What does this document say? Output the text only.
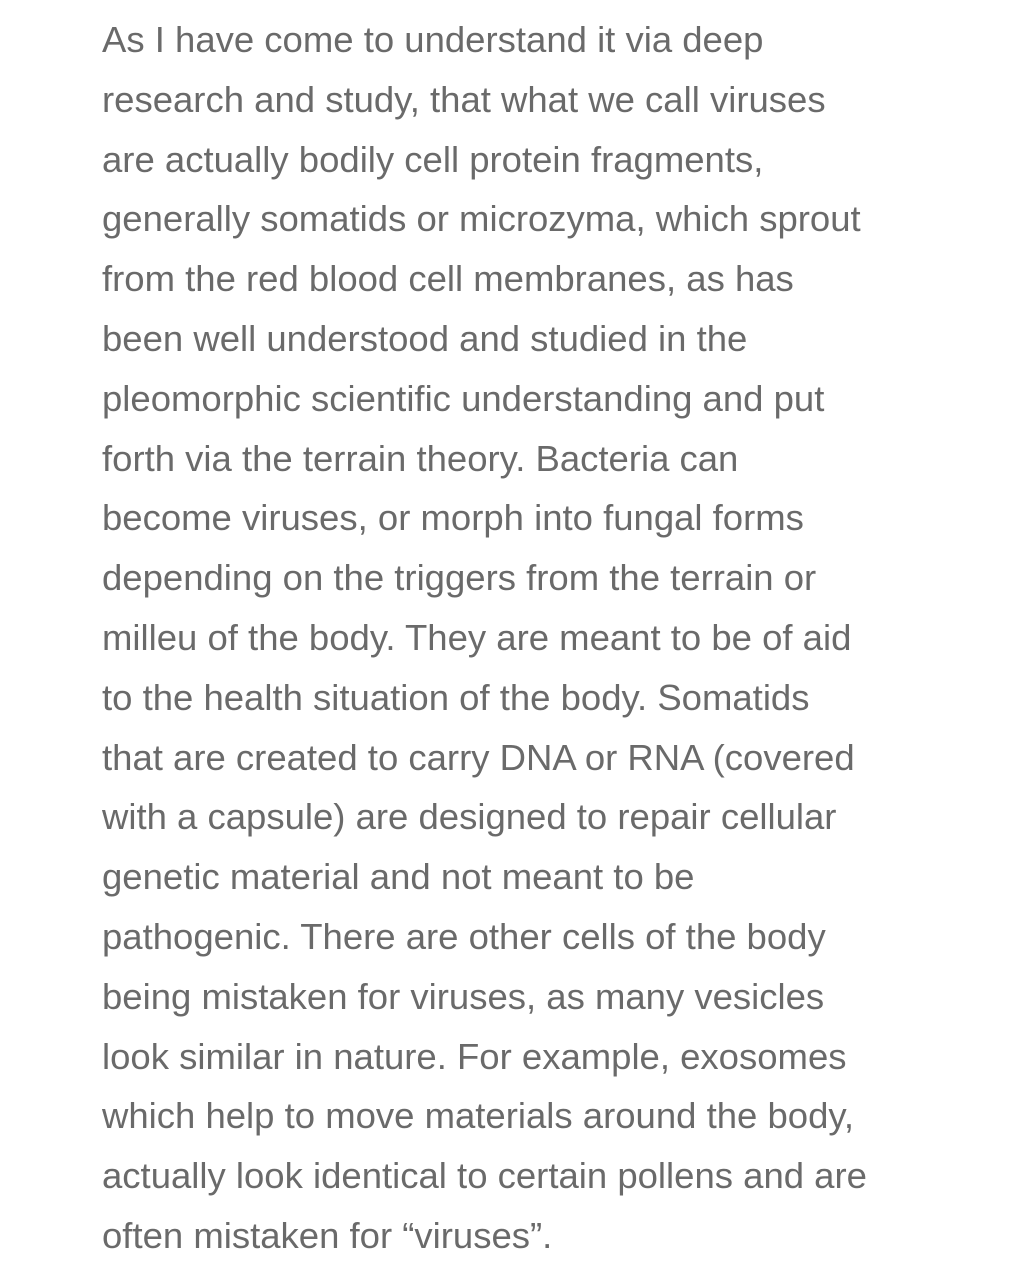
As I have come to understand it via deep
research and study, that what we call viruses
are actually bodily cell protein fragments,
generally somatids or microzyma, which sprout
from the red blood cell membranes, as has
been well understood and studied in the
pleomorphic scientific understanding and put
forth via the terrain theory. Bacteria can
become viruses, or morph into fungal forms
depending on the triggers from the terrain or
milleu of the body. They are meant to be of aid
to the health situation of the body. Somatids
that are created to carry DNA or RNA (covered
with a capsule) are designed to repair cellular
genetic material and not meant to be
pathogenic. There are other cells of the body
being mistaken for viruses, as many vesicles
look similar in nature. For example, exosomes
which help to move materials around the body,
actually look identical to certain pollens and are
often mistaken for “viruses”.
